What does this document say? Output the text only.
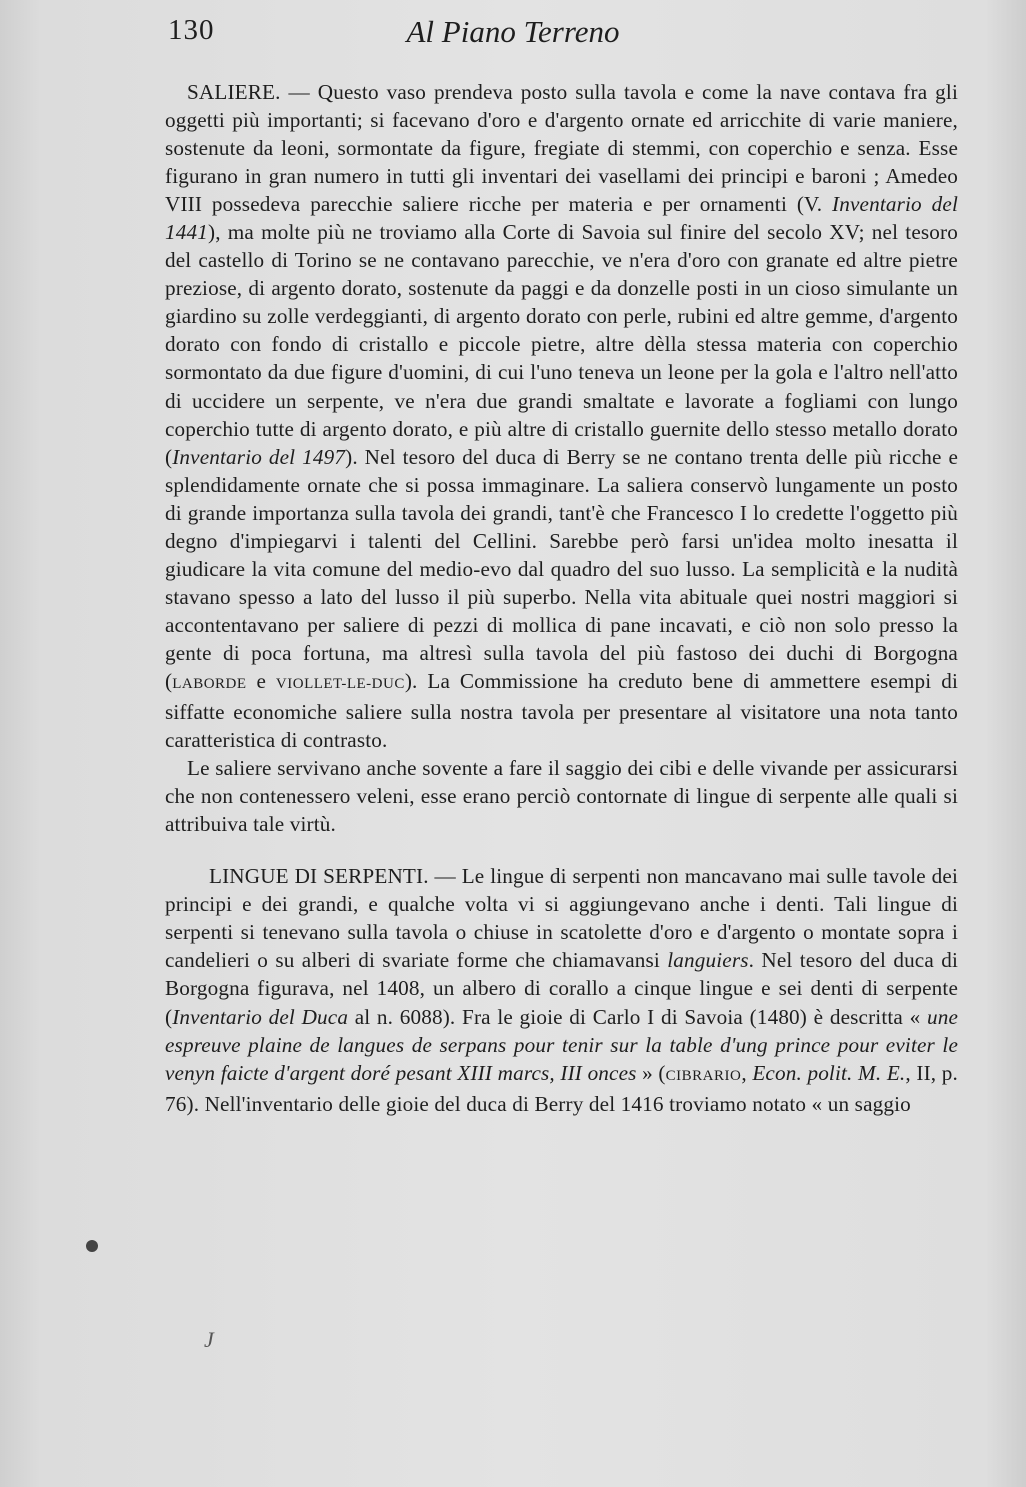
130	Al Piano Terreno

SALIERE. — Questo vaso prendeva posto sulla tavola e come la nave contava fra gli oggetti più importanti; si facevano d'oro e d'argento ornate ed arricchite di varie maniere, sostenute da leoni, sormontate da figure, fregiate di stemmi, con coperchio e senza. Esse figurano in gran numero in tutti gli inventari dei vasellami dei principi e baroni ; Amedeo VIII possedeva parecchie saliere ricche per materia e per ornamenti (V. Inventario del 1441), ma molte più ne troviamo alla Corte di Savoia sul finire del secolo XV; nel tesoro del castello di Torino se ne contavano parecchie, ve n'era d'oro con granate ed altre pietre preziose, di argento dorato, sostenute da paggi e da donzelle posti in un cioso simulante un giardino su zolle verdeggianti, di argento dorato con perle, rubini ed altre gemme, d'argento dorato con fondo di cristallo e piccole pietre, altre dèlla stessa materia con coperchio sormontato da due figure d'uomini, di cui l'uno teneva un leone per la gola e l'altro nell'atto di uccidere un serpente, ve n'era due grandi smaltate e lavorate a fogliami con lungo coperchio tutte di argento dorato, e più altre di cristallo guernite dello stesso metallo dorato (Inventario del 1497). Nel tesoro del duca di Berry se ne contano trenta delle più ricche e splendidamente ornate che si possa immaginare. La saliera conservò lungamente un posto di grande importanza sulla tavola dei grandi, tant'è che Francesco I lo credette l'oggetto più degno d'impiegarvi i talenti del Cellini. Sarebbe però farsi un'idea molto inesatta il giudicare la vita comune del medio-evo dal quadro del suo lusso. La semplicità e la nudità stavano spesso a lato del lusso il più superbo. Nella vita abituale quei nostri maggiori si accontentavano per saliere di pezzi di mollica di pane incavati, e ciò non solo presso la gente di poca fortuna, ma altresì sulla tavola del più fastoso dei duchi di Borgogna (LABORDE e VIOLLET-LE-DUC). La Commissione ha creduto bene di ammettere esempi di siffatte economiche saliere sulla nostra tavola per presentare al visitatore una nota tanto caratteristica di contrasto.

Le saliere servivano anche sovente a fare il saggio dei cibi e delle vivande per assicurarsi che non contenessero veleni, esse erano perciò contornate di lingue di serpente alle quali si attribuiva tale virtù.

LINGUE DI SERPENTI. — Le lingue di serpenti non mancavano mai sulle tavole dei principi e dei grandi, e qualche volta vi si aggiungevano anche i denti. Tali lingue di serpenti si tenevano sulla tavola o chiuse in scatolette d'oro e d'argento o montate sopra i candelieri o su alberi di svariate forme che chiamavansi languiers. Nel tesoro del duca di Borgogna figurava, nel 1408, un albero di corallo a cinque lingue e sei denti di serpente (Inventario del Duca al n. 6088). Fra le gioie di Carlo I di Savoia (1480) è descritta « une espreuve plaine de langues de serpans pour tenir sur la table d'ung prince pour eviter le venyn faicte d'argent doré pesant XIII marcs, III onces » (CIBRARIO, Econ. polit. M. E., II, p. 76). Nell'inventario delle gioie del duca di Berry del 1416 troviamo notato « un saggio

J
